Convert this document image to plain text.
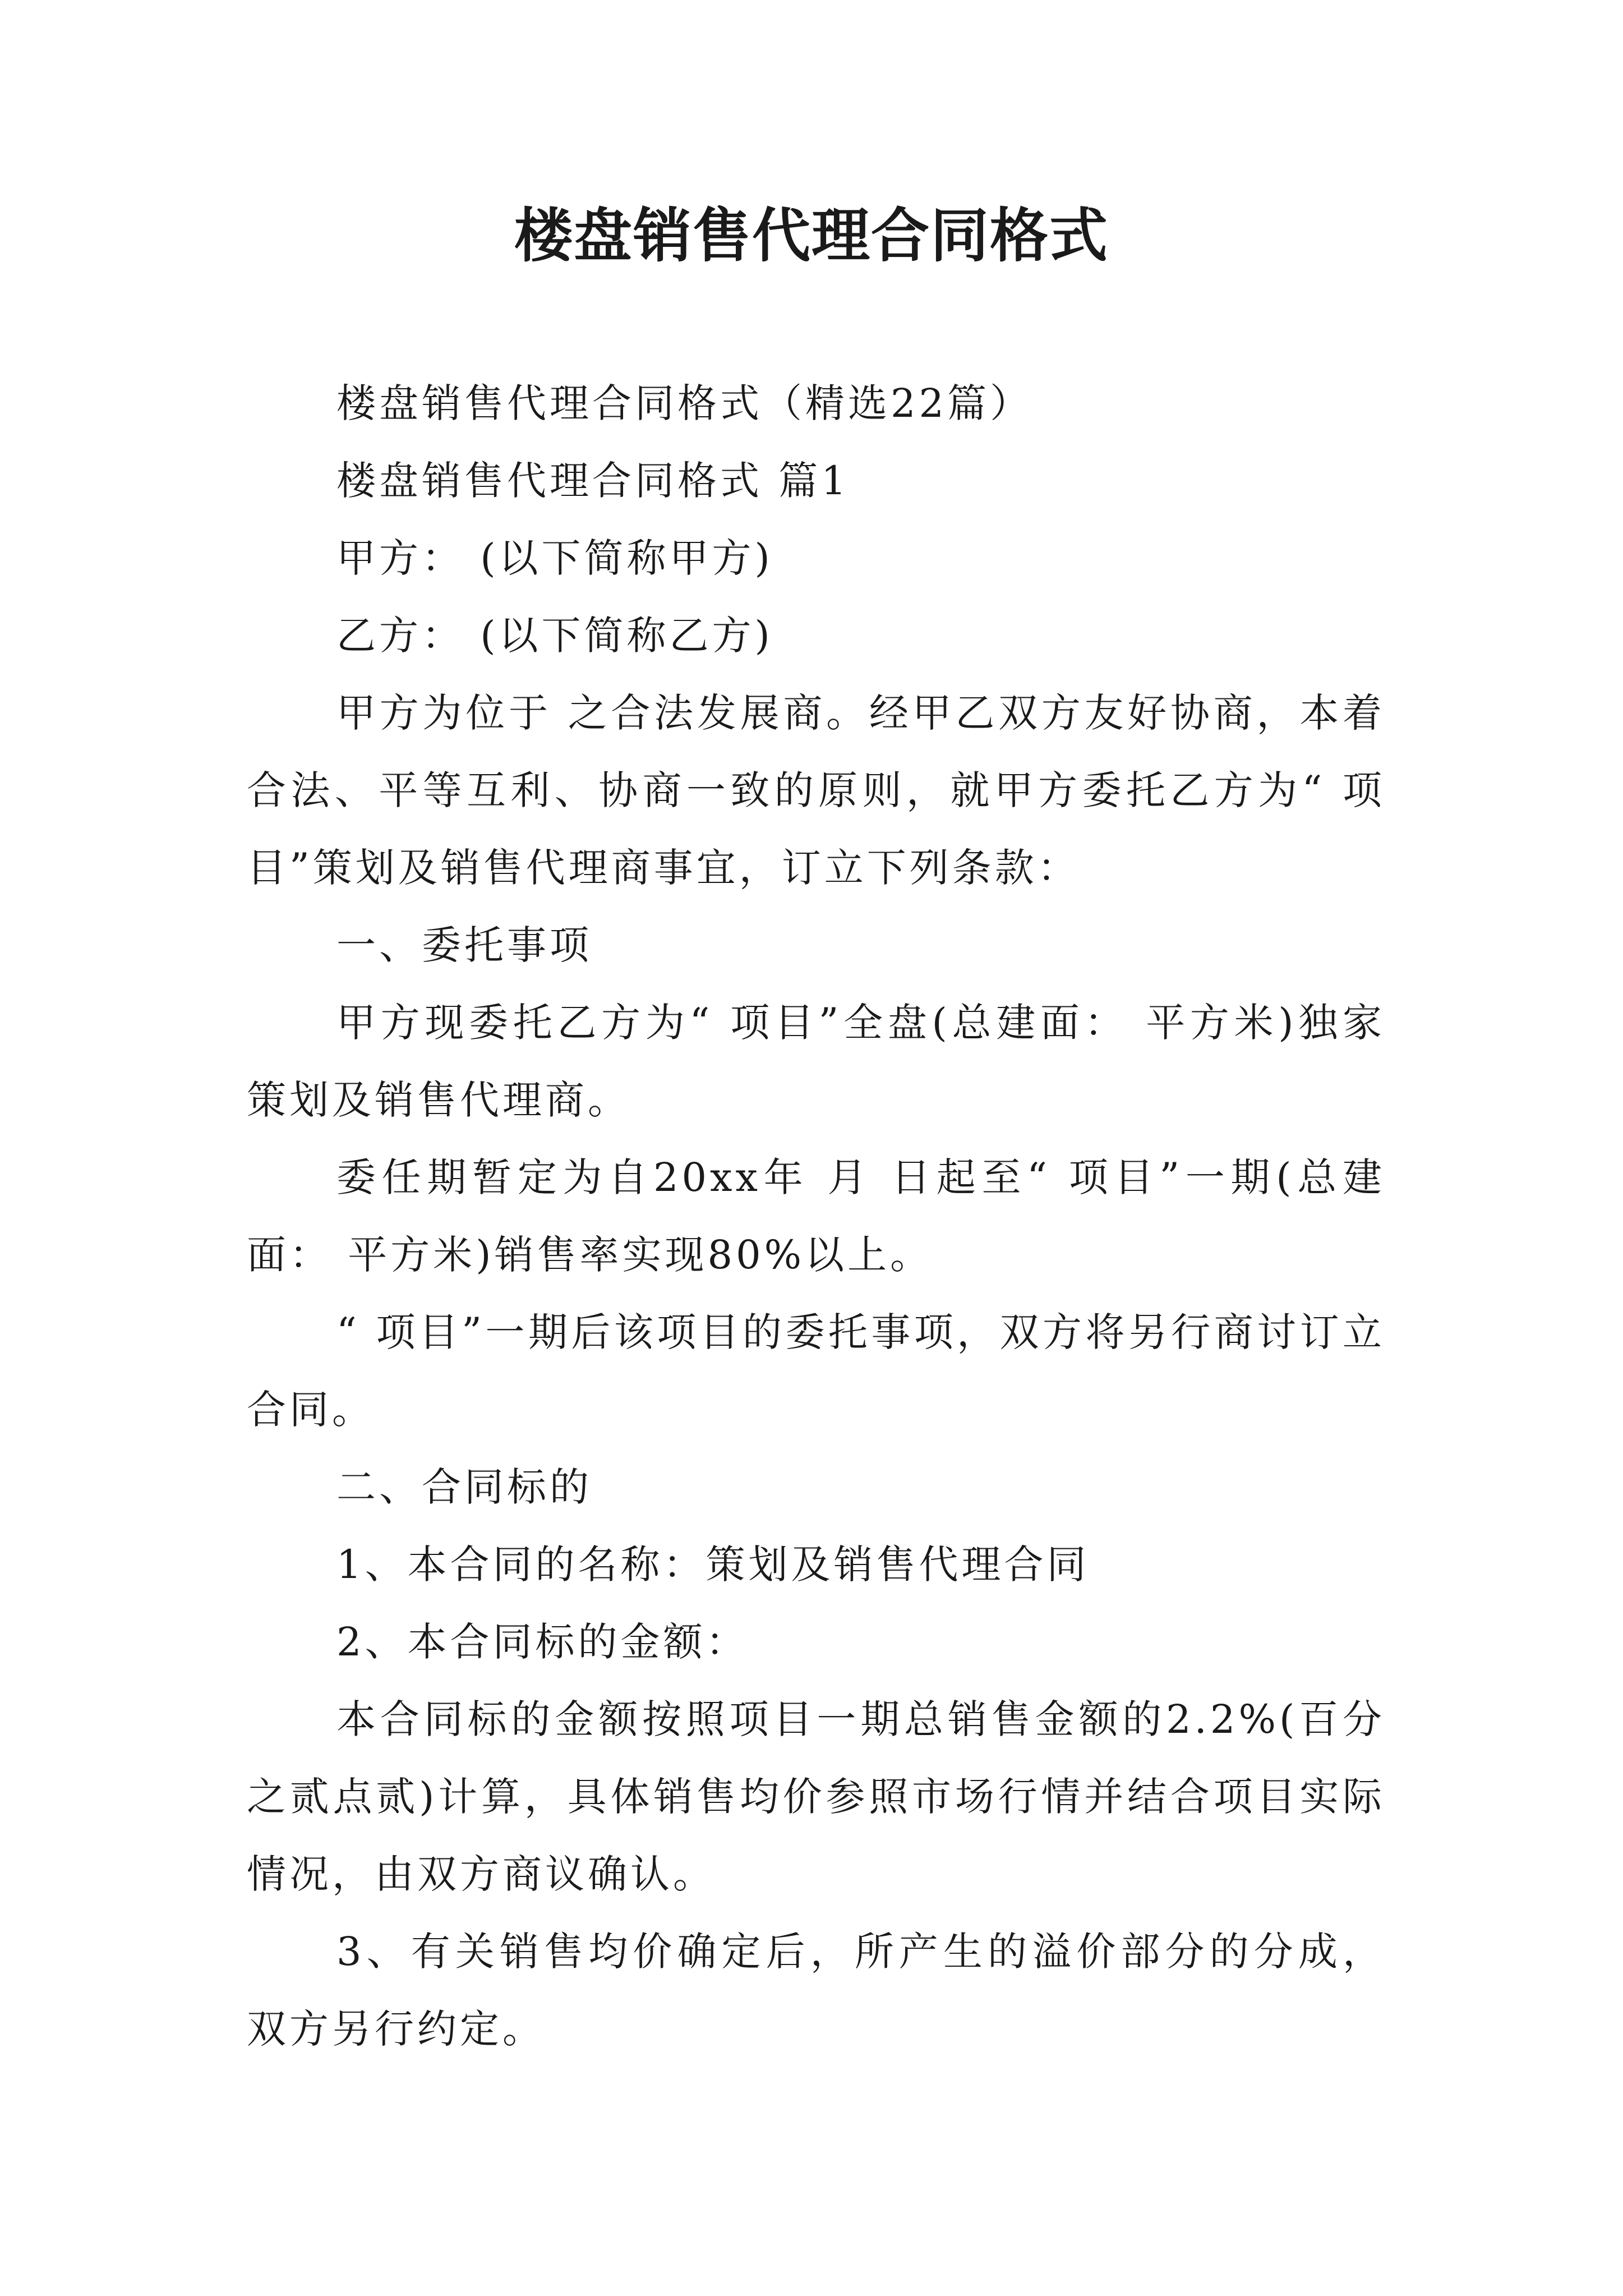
楼盘销售代理合同格式

楼盘销售代理合同格式（精选22篇）

楼盘销售代理合同格式 篇1

甲方： (以下简称甲方)

乙方： (以下简称乙方)

甲方为位于 之合法发展商。经甲乙双方友好协商，本着合法、平等互利、协商一致的原则，就甲方委托乙方为“ 项目”策划及销售代理商事宜，订立下列条款：

一、委托事项

甲方现委托乙方为“ 项目”全盘(总建面： 平方米)独家策划及销售代理商。

委任期暂定为自20xx年 月 日起至“ 项目”一期(总建面： 平方米)销售率实现80%以上。

“ 项目”一期后该项目的委托事项，双方将另行商讨订立合同。

二、合同标的

1、本合同的名称：策划及销售代理合同

2、本合同标的金额：

本合同标的金额按照项目一期总销售金额的2.2%(百分之贰点贰)计算，具体销售均价参照市场行情并结合项目实际情况，由双方商议确认。

3、有关销售均价确定后，所产生的溢价部分的分成，双方另行约定。
